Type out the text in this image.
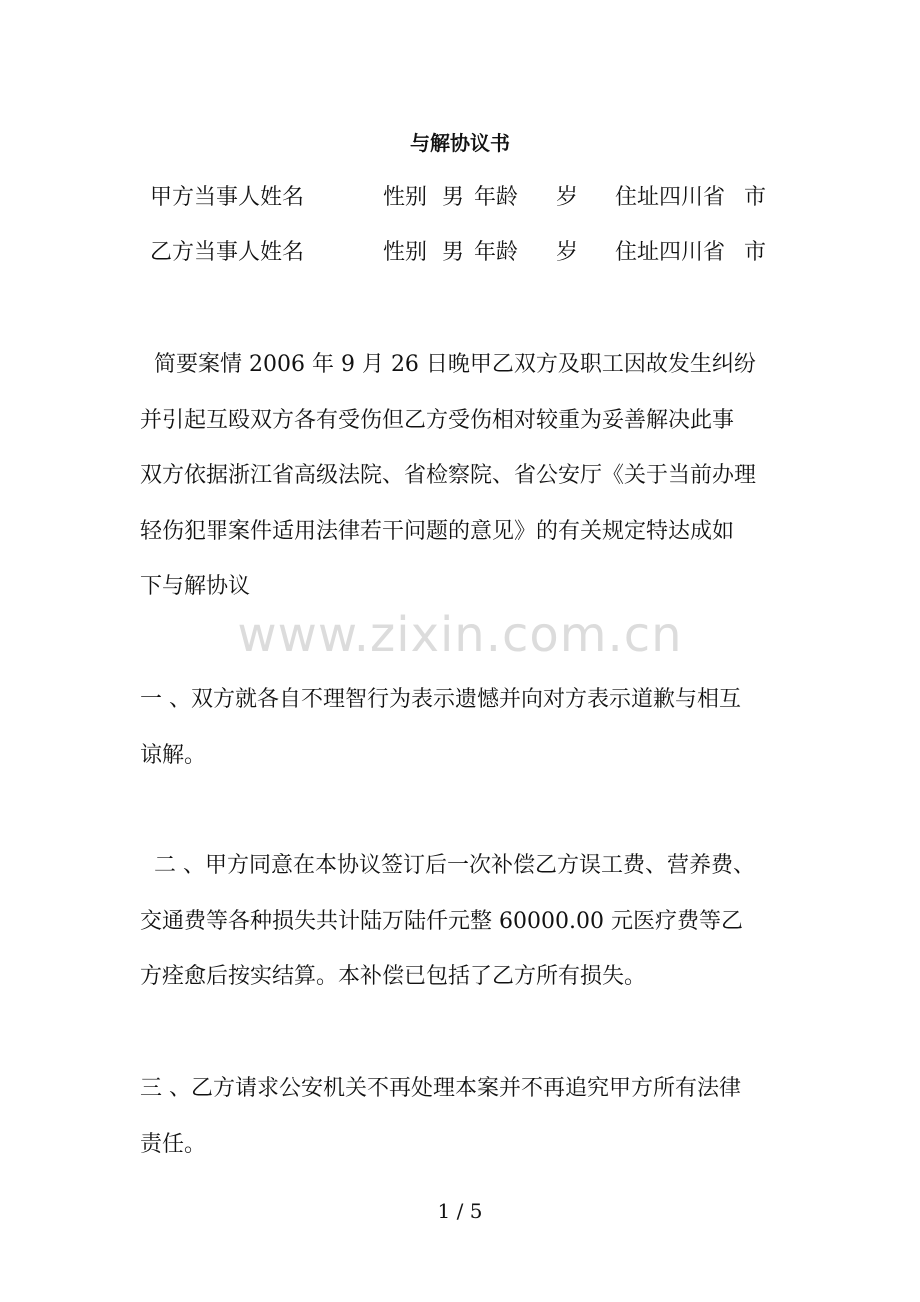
与解协议书
甲方当事人姓名	性别 男 年龄 岁 住址四川省 市
乙方当事人姓名	性别 男 年龄 岁 住址四川省 市

简要案情 2006 年 9 月 26 日晚甲乙双方及职工因故发生纠纷
并引起互殴双方各有受伤但乙方受伤相对较重为妥善解决此事
双方依据浙江省高级法院、省检察院、省公安厅《关于当前办理
轻伤犯罪案件适用法律若干问题的意见》的有关规定特达成如
下与解协议

www.zixin.com.cn

一 、双方就各自不理智行为表示遗憾并向对方表示道歉与相互
谅解。

二 、甲方同意在本协议签订后一次补偿乙方误工费、营养费、
交通费等各种损失共计陆万陆仟元整 60000.00 元医疗费等乙
方痊愈后按实结算。本补偿已包括了乙方所有损失。

三 、乙方请求公安机关不再处理本案并不再追究甲方所有法律
责任。

1 / 5
